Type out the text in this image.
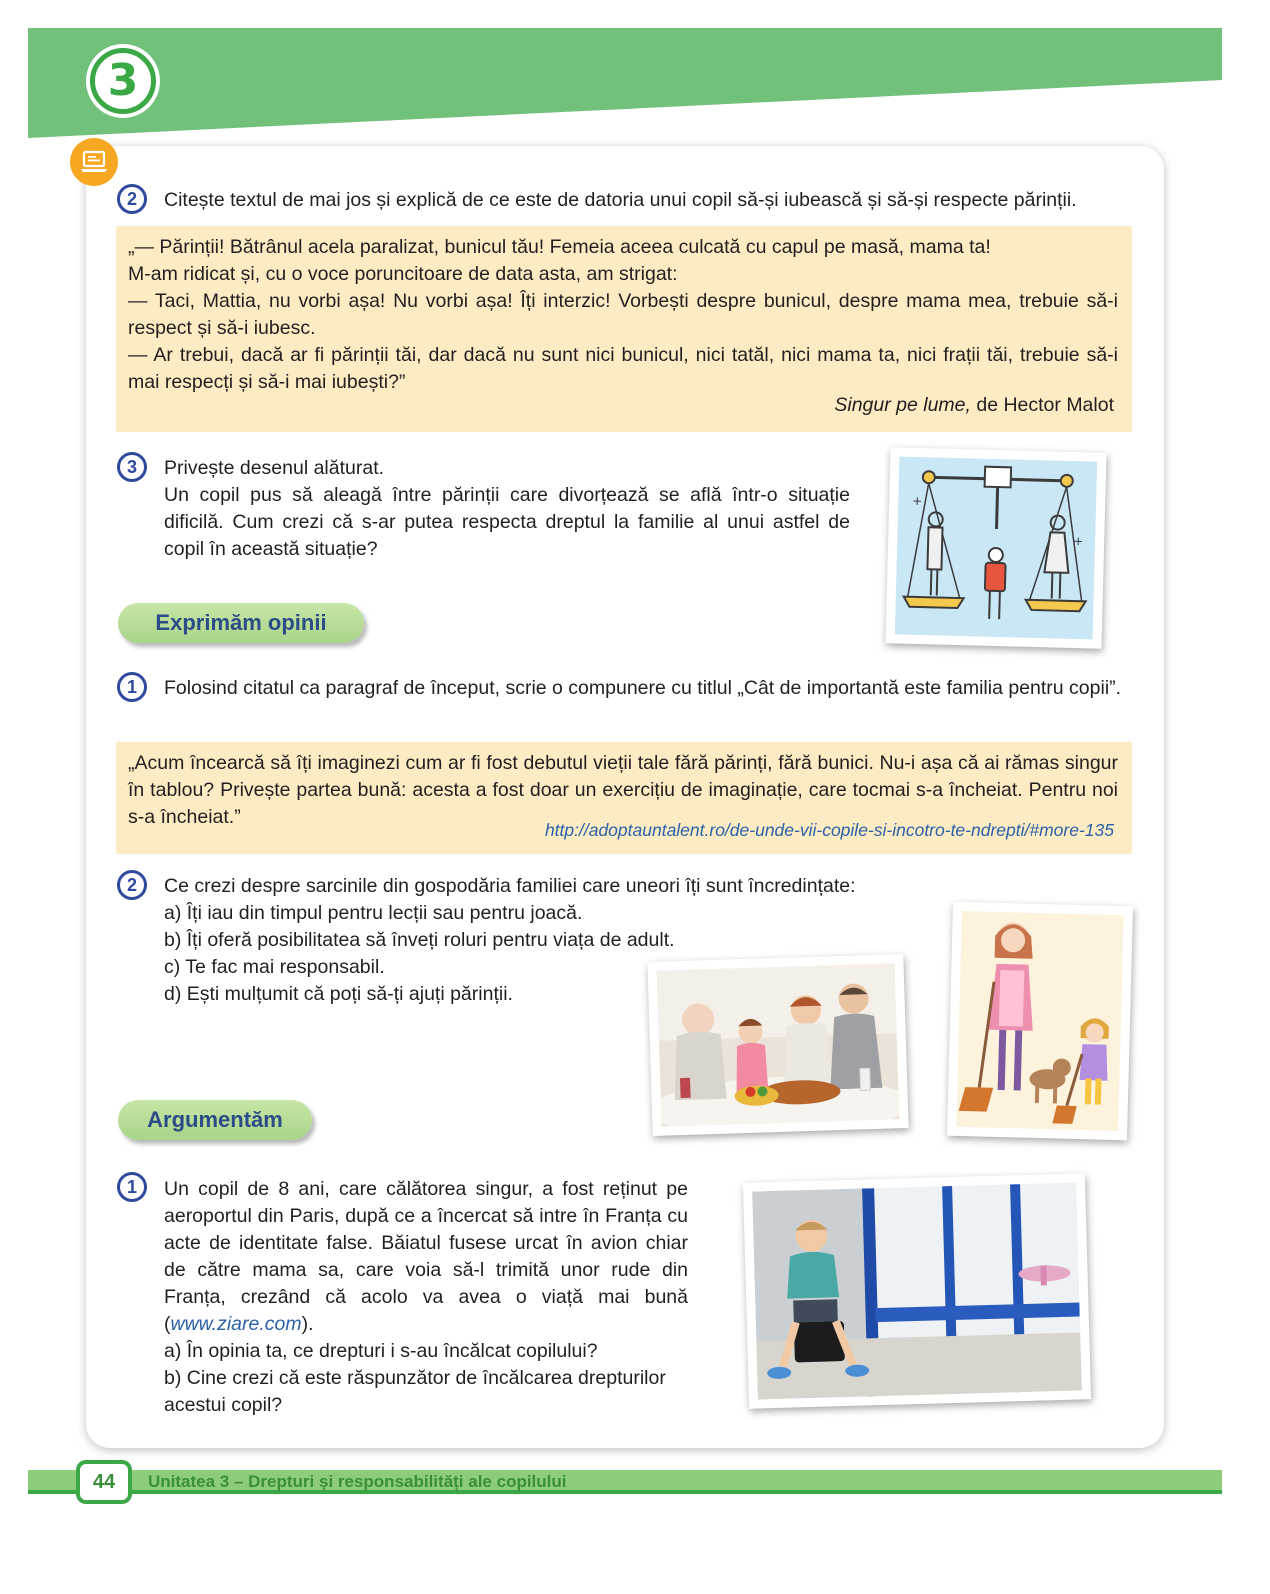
3
2	Citește textul de mai jos și explică de ce este de datoria unui copil să-și iubească și să-și respecte părinții.

„— Părinții! Bătrânul acela paralizat, bunicul tău! Femeia aceea culcată cu capul pe masă, mama ta!

M-am ridicat și, cu o voce poruncitoare de data asta, am strigat:

— Taci, Mattia, nu vorbi așa! Nu vorbi așa! Îți interzic! Vorbești despre bunicul, despre mama mea, trebuie să-i respect și să-i iubesc.

— Ar trebui, dacă ar fi părinții tăi, dar dacă nu sunt nici bunicul, nici tatăl, nici mama ta, nici frații tăi, trebuie să-i mai respecți și să-i mai iubești?”

Singur pe lume, de Hector Malot
3	Privește desenul alăturat.
Un copil pus să aleagă între părinții care divorțează se află într-o situație dificilă. Cum crezi că s-ar putea respecta dreptul la familie al unui astfel de copil în această situație?
+
+
Exprimăm opinii
1	Folosind citatul ca paragraf de început, scrie o compunere cu titlul „Cât de importantă este familia pentru copii”.

„Acum încearcă să îți imaginezi cum ar fi fost debutul vieții tale fără părinți, fără bunici. Nu-i așa că ai rămas singur în tablou? Privește partea bună: acesta a fost doar un exercițiu de imaginație, care tocmai s-a încheiat. Pentru noi s-a încheiat.”

http://adoptauntalent.ro/de-unde-vii-copile-si-incotro-te-ndrepti/#more-135
2	Ce crezi despre sarcinile din gospodăria familiei care uneori îți sunt încredințate:
a) Îți iau din timpul pentru lecții sau pentru joacă.
b) Îți oferă posibilitatea să înveți roluri pentru viața de adult.
c) Te fac mai responsabil.
d) Ești mulțumit că poți să-ți ajuți părinții.
Argumentăm
1	Un copil de 8 ani, care călătorea singur, a fost reținut pe aeroportul din Paris, după ce a încercat să intre în Franța cu acte de identitate false. Băiatul fusese urcat în avion chiar de către mama sa, care voia să-l trimită unor rude din Franța, crezând că acolo va avea o viață mai bună (www.ziare.com).
a) În opinia ta, ce drepturi i s-au încălcat copilului?
b) Cine crezi că este răspunzător de încălcarea drepturilor
acestui copil?
44	Unitatea 3 – Drepturi și responsabilități ale copilului
